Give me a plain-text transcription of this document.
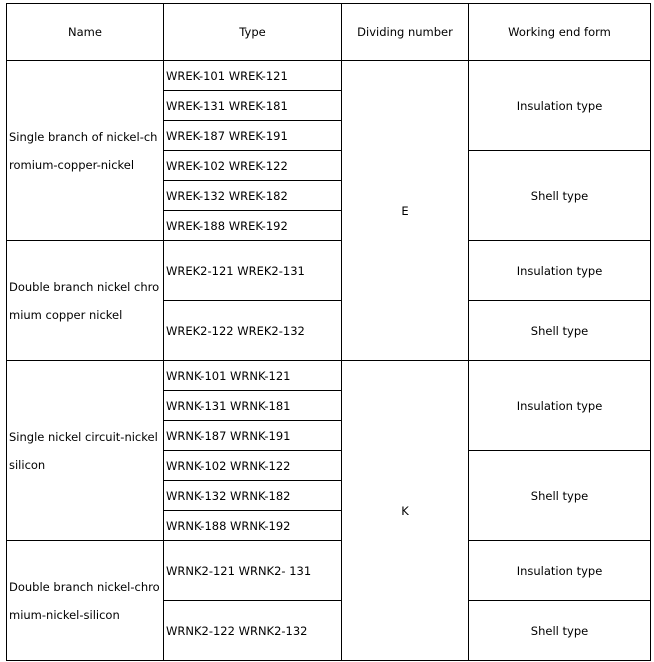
Name	Type	Dividing number	Working end form
Single branch of nickel-chromium-copper-nickel	WREK-101 WREK-121	E	Insulation type
	WREK-131 WREK-181		
	WREK-187 WREK-191		
	WREK-102 WREK-122		Shell type
	WREK-132 WREK-182		
	WREK-188 WREK-192		
Double branch nickel chromium copper nickel	WREK2-121 WREK2-131		Insulation type
	WREK2-122 WREK2-132		Shell type
Single nickel circuit-nickel silicon	WRNK-101 WRNK-121	K	Insulation type
	WRNK-131 WRNK-181		
	WRNK-187 WRNK-191		
	WRNK-102 WRNK-122		Shell type
	WRNK-132 WRNK-182		
	WRNK-188 WRNK-192		
Double branch nickel-chromium-nickel-silicon	WRNK2-121 WRNK2- 131		Insulation type
	WRNK2-122 WRNK2-132		Shell type
